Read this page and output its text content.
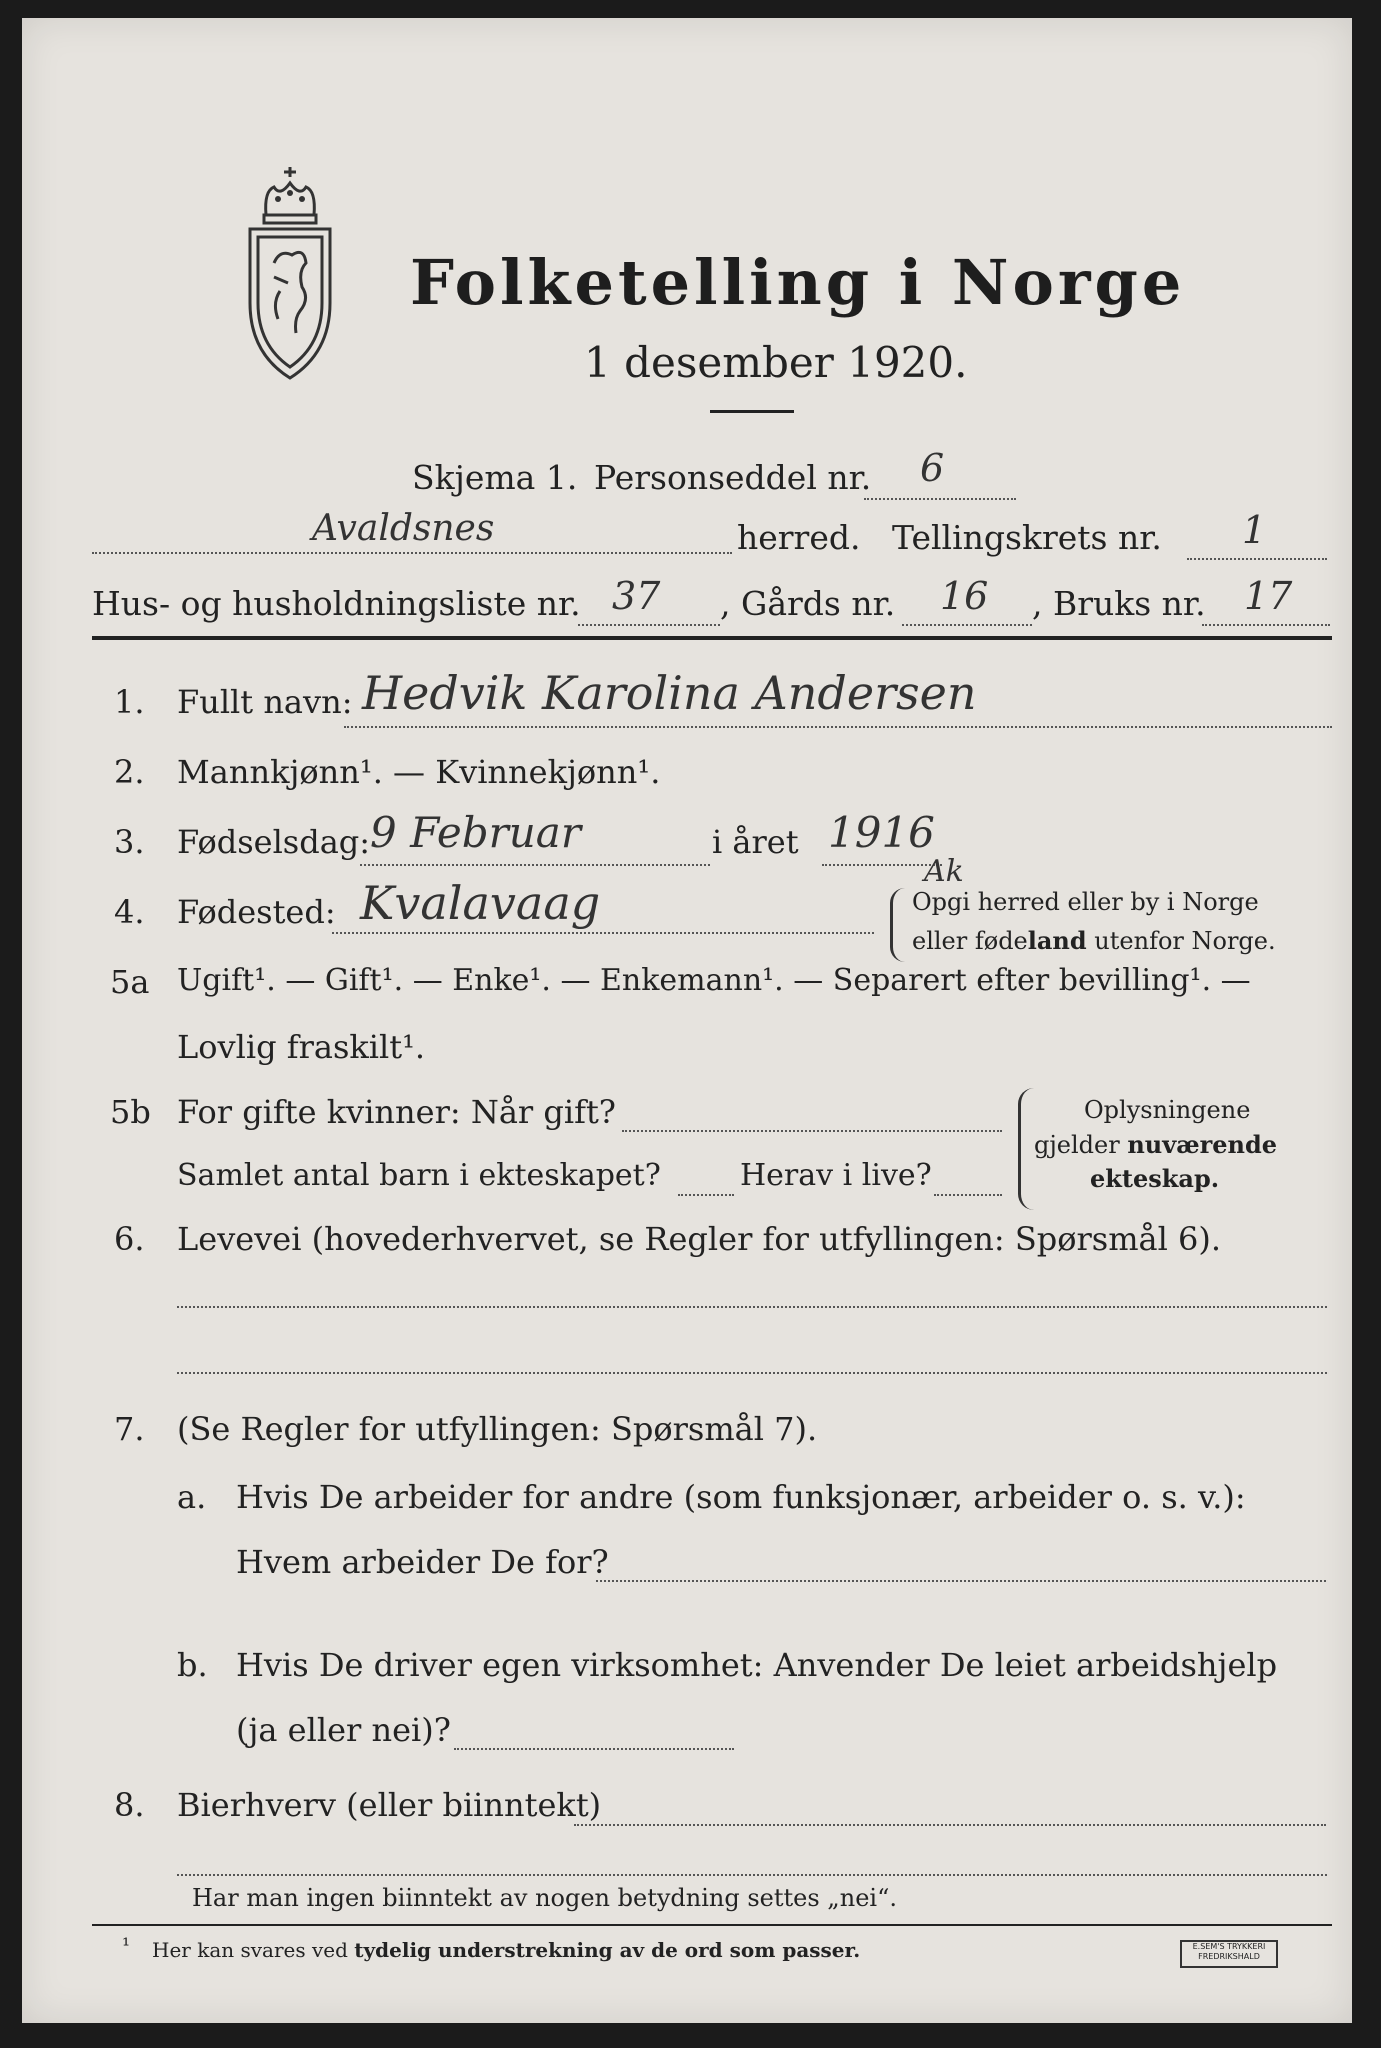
Folketelling i Norge
1 desember 1920.
Skjema 1. Personseddel nr. 6
Avaldsnes	herred. Tellingskrets nr. 1
Hus- og husholdningsliste nr. 37 , Gårds nr. 16 , Bruks nr. 17
1. Fullt navn: Hedvik Karolina Andersen
2. Mannkjønn¹. — Kvinnekjønn¹.
3. Fødselsdag: 9 Februar	i året 1916
4. Fødested: Kvalavaag
Ak
Opgi herred eller by i Norge
eller fødeland utenfor Norge.
5a Ugift¹. — Gift¹. — Enke¹. — Enkemann¹. — Separert efter bevilling¹. —
Lovlig fraskilt¹.
5b For gifte kvinner: Når gift?
Samlet antal barn i ekteskapet?	Herav i live?
Oplysningene
gjelder nuværende
ekteskap.
6. Levevei (hovederhvervet, se Regler for utfyllingen: Spørsmål 6).
7. (Se Regler for utfyllingen: Spørsmål 7).
a. Hvis De arbeider for andre (som funksjonær, arbeider o. s. v.):
Hvem arbeider De for?
b. Hvis De driver egen virksomhet: Anvender De leiet arbeidshjelp
(ja eller nei)?
8. Bierhverv (eller biinntekt)
Har man ingen biinntekt av nogen betydning settes „nei“.
¹ Her kan svares ved tydelig understrekning av de ord som passer.	E.SEM'S TRYKKERI
FREDRIKSHALD
